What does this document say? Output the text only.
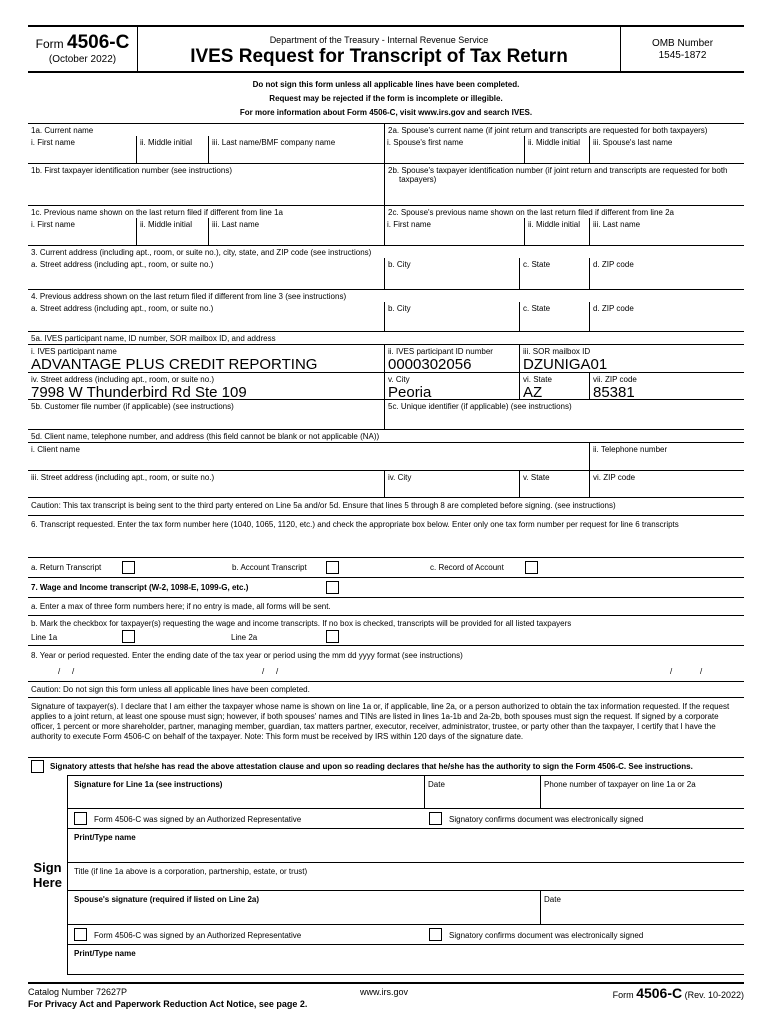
Form 4506-C
(October 2022)
Department of the Treasury - Internal Revenue Service
IVES Request for Transcript of Tax Return
OMB Number
1545-1872
Do not sign this form unless all applicable lines have been completed.
Request may be rejected if the form is incomplete or illegible.
For more information about Form 4506-C, visit www.irs.gov and search IVES.
1a. Current name	2a. Spouse's current name (if joint return and transcripts are requested for both taxpayers)
i. First name	ii. Middle initial	iii. Last name/BMF company name	i. Spouse's first name	ii. Middle initial	iii. Spouse's last name
1b. First taxpayer identification number (see instructions)	2b. Spouse's taxpayer identification number (if joint return and transcripts are requested for both taxpayers)
1c. Previous name shown on the last return filed if different from line 1a	2c. Spouse's previous name shown on the last return filed if different from line 2a
i. First name	ii. Middle initial	iii. Last name	i. First name	ii. Middle initial	iii. Last name
3. Current address (including apt., room, or suite no.), city, state, and ZIP code (see instructions)
a. Street address (including apt., room, or suite no.)	b. City	c. State	d. ZIP code
4. Previous address shown on the last return filed if different from line 3 (see instructions)
a. Street address (including apt., room, or suite no.)	b. City	c. State	d. ZIP code
5a. IVES participant name, ID number, SOR mailbox ID, and address
i. IVES participant name
ADVANTAGE PLUS CREDIT REPORTING
ii. IVES participant ID number
0000302056
iii. SOR mailbox ID
DZUNIGA01
iv. Street address (including apt., room, or suite no.)
7998 W Thunderbird Rd Ste 109
v. City
Peoria
vi. State
AZ
vii. ZIP code
85381
5b. Customer file number (if applicable) (see instructions)	5c. Unique identifier (if applicable) (see instructions)
5d. Client name, telephone number, and address (this field cannot be blank or not applicable (NA))
i. Client name	ii. Telephone number
iii. Street address (including apt., room, or suite no.)	iv. City	v. State	vi. ZIP code
Caution: This tax transcript is being sent to the third party entered on Line 5a and/or 5d. Ensure that lines 5 through 8 are completed before signing. (see instructions)
6. Transcript requested. Enter the tax form number here (1040, 1065, 1120, etc.) and check the appropriate box below. Enter only one tax form number per request for line 6 transcripts
a. Return Transcript	b. Account Transcript	c. Record of Account
7. Wage and Income transcript (W-2, 1098-E, 1099-G, etc.)
a. Enter a max of three form numbers here; if no entry is made, all forms will be sent.
b. Mark the checkbox for taxpayer(s) requesting the wage and income transcripts. If no box is checked, transcripts will be provided for all listed taxpayers
Line 1a	Line 2a
8. Year or period requested. Enter the ending date of the tax year or period using the mm dd yyyy format (see instructions)
/ /	/ /	/	/
Caution: Do not sign this form unless all applicable lines have been completed.
Signature of taxpayer(s). I declare that I am either the taxpayer whose name is shown on line 1a or, if applicable, line 2a, or a person authorized to obtain the tax information requested. If the request applies to a joint return, at least one spouse must sign; however, if both spouses' names and TINs are listed in lines 1a-1b and 2a-2b, both spouses must sign the request. If signed by a corporate officer, 1 percent or more shareholder, partner, managing member, guardian, tax matters partner, executor, receiver, administrator, trustee, or party other than the taxpayer, I certify that I have the authority to execute Form 4506-C on behalf of the taxpayer. Note: This form must be received by IRS within 120 days of the signature date.
Signatory attests that he/she has read the above attestation clause and upon so reading declares that he/she has the authority to sign the Form 4506-C. See instructions.
Sign
Here
Signature for Line 1a (see instructions)	Date	Phone number of taxpayer on line 1a or 2a
Form 4506-C was signed by an Authorized Representative	Signatory confirms document was electronically signed
Print/Type name
Title (if line 1a above is a corporation, partnership, estate, or trust)
Spouse's signature (required if listed on Line 2a)	Date
Form 4506-C was signed by an Authorized Representative	Signatory confirms document was electronically signed
Print/Type name
Catalog Number 72627P
For Privacy Act and Paperwork Reduction Act Notice, see page 2.
www.irs.gov	Form 4506-C (Rev. 10-2022)
